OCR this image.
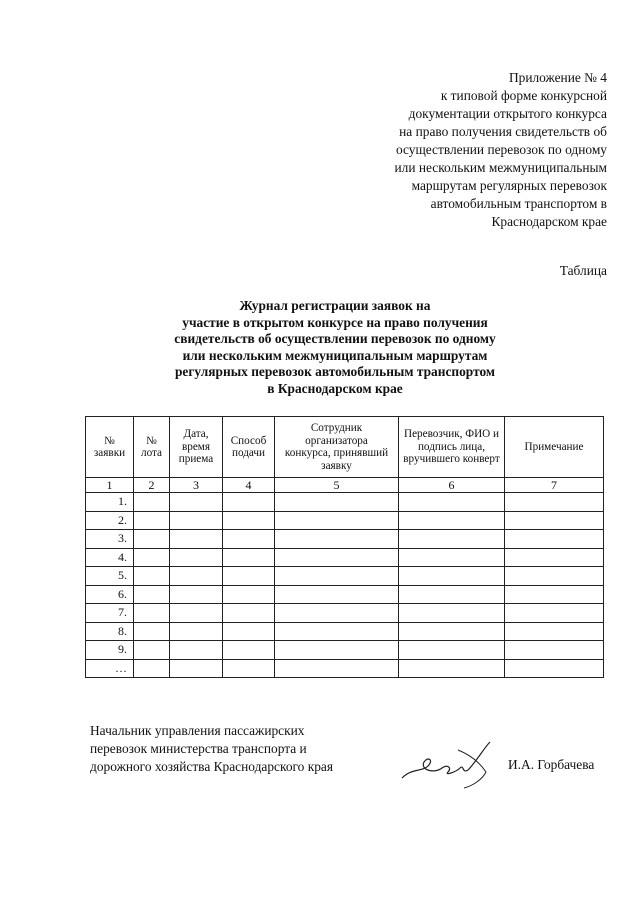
Приложение № 4
к типовой форме конкурсной
документации открытого конкурса
на право получения свидетельств об
осуществлении перевозок по одному
или нескольким межмуниципальным
маршрутам регулярных перевозок
автомобильным транспортом в
Краснодарском крае
Таблица
Журнал регистрации заявок на
участие в открытом конкурсе на право получения
свидетельств об осуществлении перевозок по одному
или нескольким межмуниципальным маршрутам
регулярных перевозок автомобильным транспортом
в Краснодарском крае
№ заявки	№ лота	Дата, время приема	Способ подачи	Сотрудник организатора конкурса, принявший заявку	Перевозчик, ФИО и подпись лица, вручившего конверт	Примечание
1	2	3	4	5	6	7
1.						
2.						
3.						
4.						
5.						
6.						
7.						
8.						
9.						
…						
Начальник управления пассажирских
перевозок министерства транспорта и
дорожного хозяйства Краснодарского края	И.А. Горбачева
